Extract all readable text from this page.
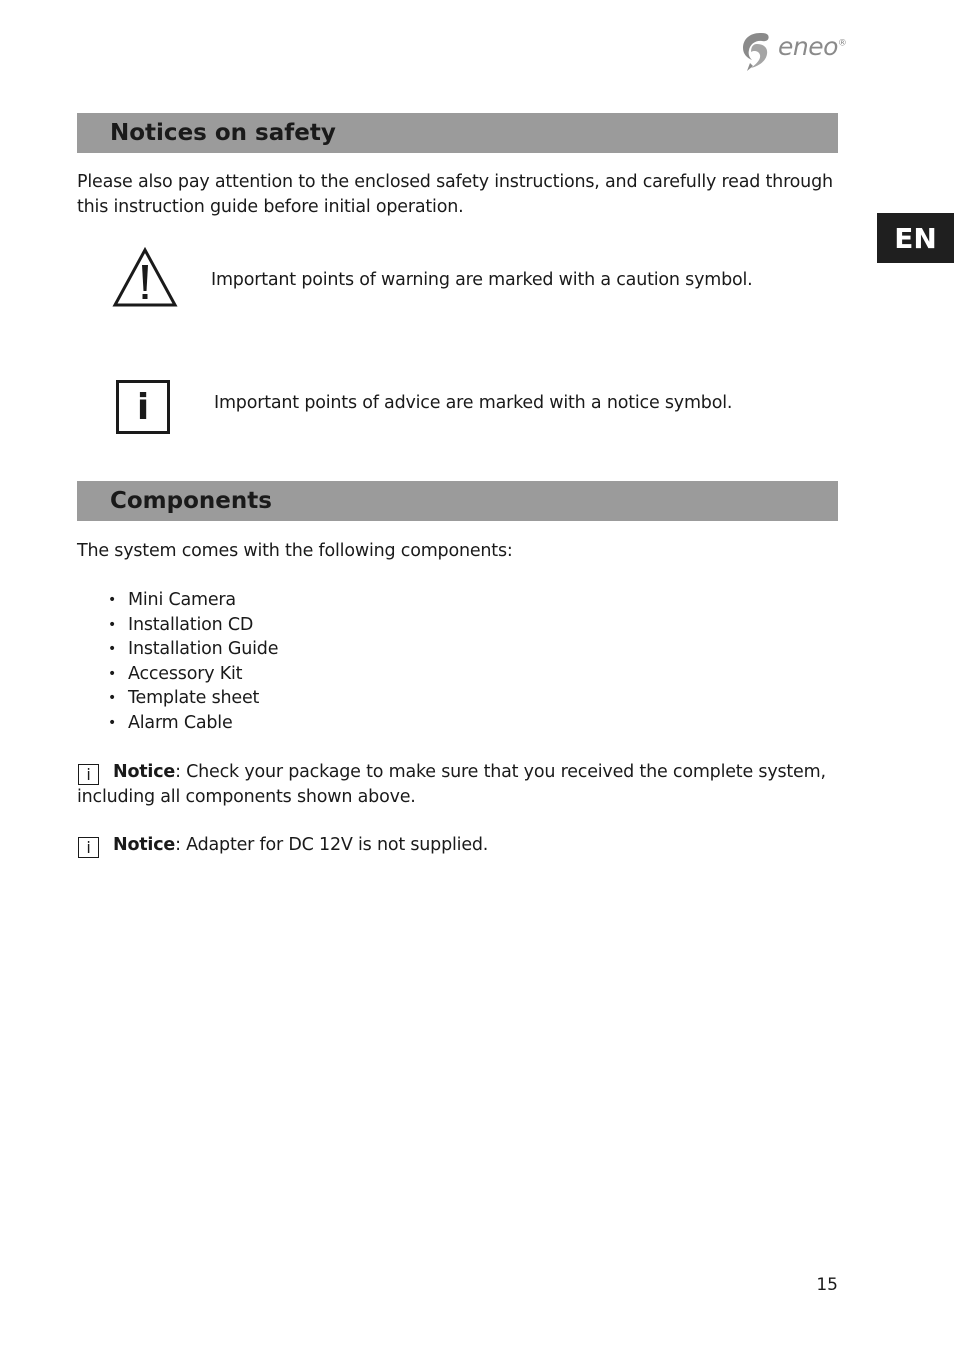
eneo®
EN
Notices on safety
Please also pay attention to the enclosed safety instructions, and carefully read through this instruction guide before initial operation.
Important points of warning are marked with a caution symbol.
i	Important points of advice are marked with a notice symbol.
Components
The system comes with the following components:
• Mini Camera
• Installation CD
• Installation Guide
• Accessory Kit
• Template sheet
• Alarm Cable
i Notice: Check your package to make sure that you received the complete system, including all components shown above.
i Notice: Adapter for DC 12V is not supplied.
15
